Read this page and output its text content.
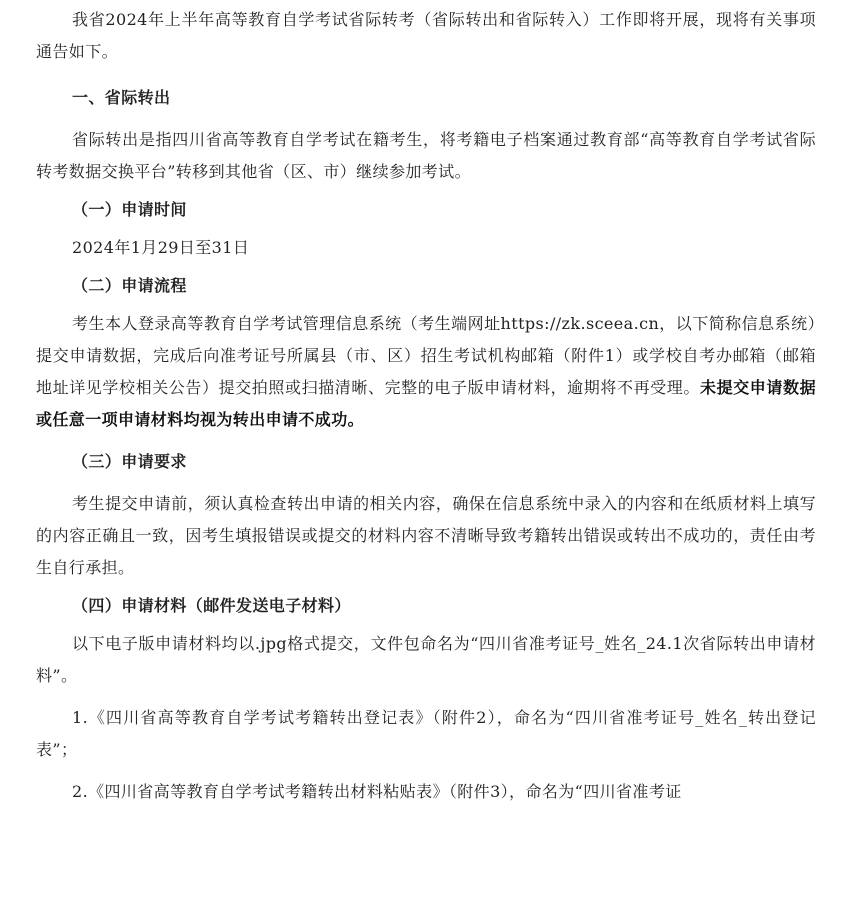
我省2024年上半年高等教育自学考试省际转考（省际转出和省际转入）工作即将开展，现将有关事项通告如下。

一、省际转出

省际转出是指四川省高等教育自学考试在籍考生，将考籍电子档案通过教育部“高等教育自学考试省际转考数据交换平台”转移到其他省（区、市）继续参加考试。

（一）申请时间

2024年1月29日至31日

（二）申请流程

考生本人登录高等教育自学考试管理信息系统（考生端网址https://zk.sceea.cn，以下简称信息系统）提交申请数据，完成后向准考证号所属县（市、区）招生考试机构邮箱（附件1）或学校自考办邮箱（邮箱地址详见学校相关公告）提交拍照或扫描清晰、完整的电子版申请材料，逾期将不再受理。未提交申请数据或任意一项申请材料均视为转出申请不成功。

（三）申请要求

考生提交申请前，须认真检查转出申请的相关内容，确保在信息系统中录入的内容和在纸质材料上填写的内容正确且一致，因考生填报错误或提交的材料内容不清晰导致考籍转出错误或转出不成功的，责任由考生自行承担。

（四）申请材料（邮件发送电子材料）

以下电子版申请材料均以.jpg格式提交，文件包命名为“四川省准考证号_姓名_24.1次省际转出申请材料”。

1.《四川省高等教育自学考试考籍转出登记表》（附件2），命名为“四川省准考证号_姓名_转出登记表”；

2.《四川省高等教育自学考试考籍转出材料粘贴表》（附件3），命名为“四川省准考证
